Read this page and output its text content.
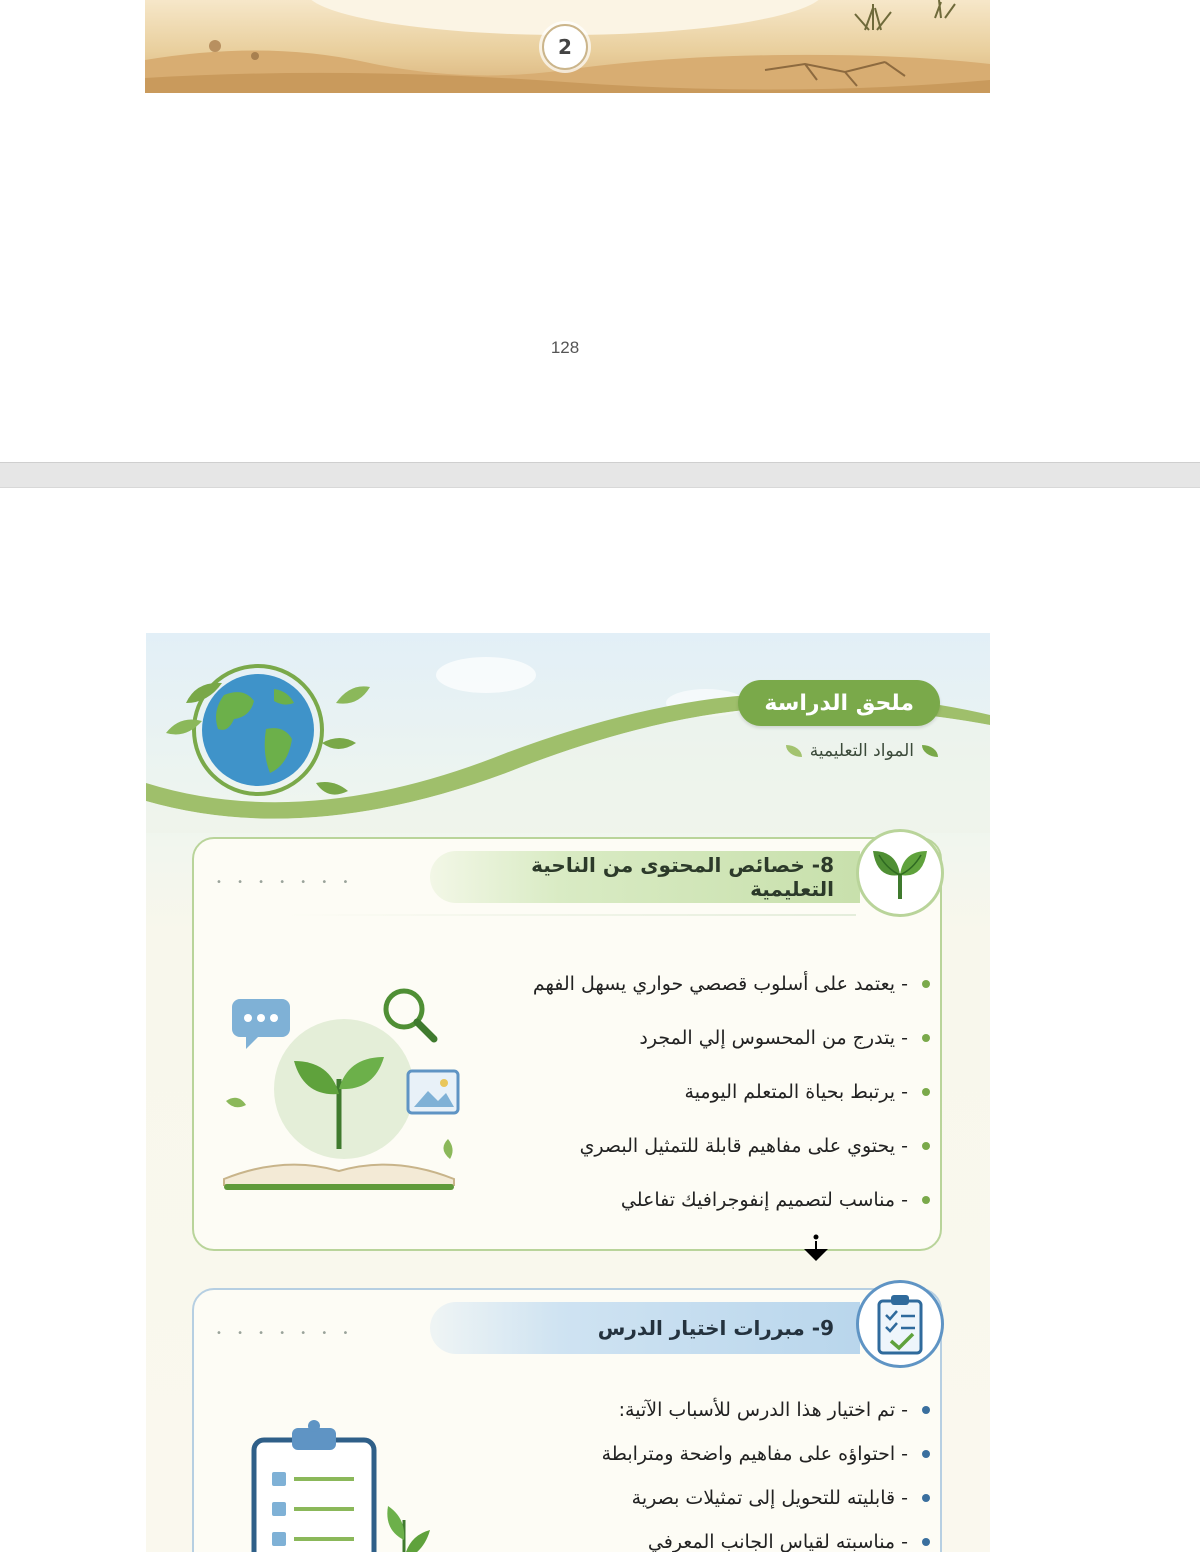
2
128
ملحق الدراسة
المواد التعليمية
8- خصائص المحتوى من الناحية التعليمية
• • • • • • •
- يعتمد على أسلوب قصصي حواري يسهل الفهم
- يتدرج من المحسوس إلي المجرد
- يرتبط بحياة المتعلم اليومية
- يحتوي على مفاهيم قابلة للتمثيل البصري
- مناسب لتصميم إنفوجرافيك تفاعلي
9- مبررات اختيار الدرس
• • • • • • •
- تم اختيار هذا الدرس للأسباب الآتية:
- احتواؤه على مفاهيم واضحة ومترابطة
- قابليته للتحويل إلى تمثيلات بصرية
- مناسبته لقياس الجانب المعرفي
